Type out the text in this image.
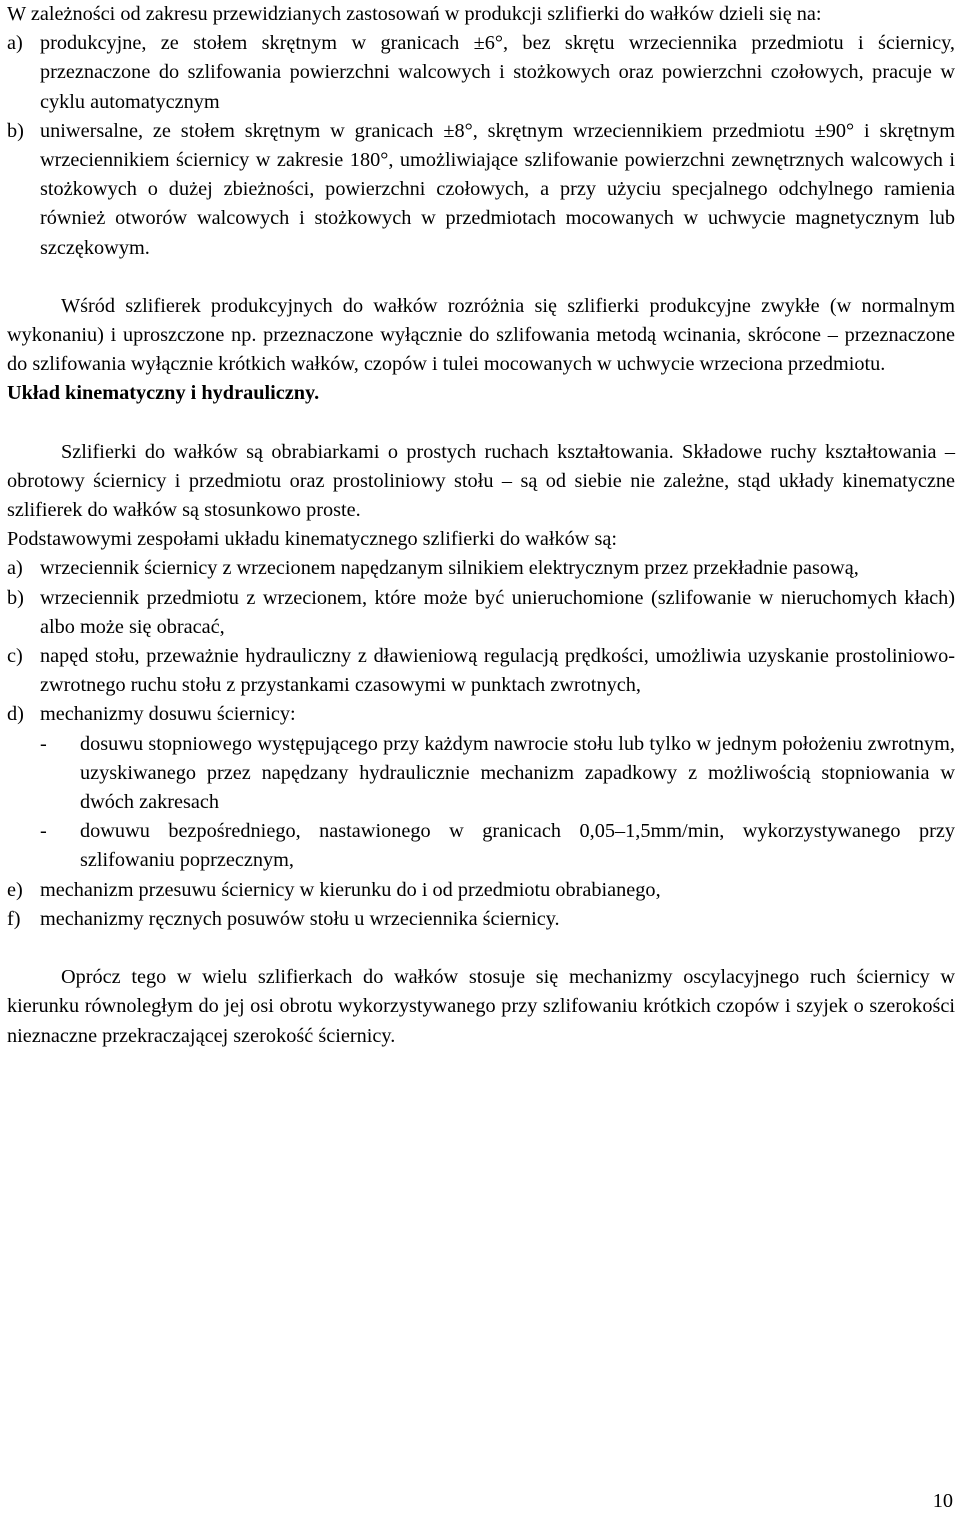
W zależności od zakresu przewidzianych zastosowań w produkcji szlifierki do wałków dzieli się na:

a) produkcyjne, ze stołem skrętnym w granicach ±6°, bez skrętu wrzeciennika przedmiotu i ściernicy, przeznaczone do szlifowania powierzchni walcowych i stożkowych oraz powierzchni czołowych, pracuje w cyklu automatycznym
b) uniwersalne, ze stołem skrętnym w granicach ±8°, skrętnym wrzeciennikiem przedmiotu ±90° i skrętnym wrzeciennikiem ściernicy w zakresie 180°, umożliwiające szlifowanie powierzchni zewnętrznych walcowych i stożkowych o dużej zbieżności, powierzchni czołowych, a przy użyciu specjalnego odchylnego ramienia również otworów walcowych i stożkowych w przedmiotach mocowanych w uchwycie magnetycznym lub szczękowym.

Wśród szlifierek produkcyjnych do wałków rozróżnia się szlifierki produkcyjne zwykłe (w normalnym wykonaniu) i uproszczone np. przeznaczone wyłącznie do szlifowania metodą wcinania, skrócone – przeznaczone do szlifowania wyłącznie krótkich wałków, czopów i tulei mocowanych w uchwycie wrzeciona przedmiotu.

Układ kinematyczny i hydrauliczny.

Szlifierki do wałków są obrabiarkami o prostych ruchach kształtowania. Składowe ruchy kształtowania – obrotowy ściernicy i przedmiotu oraz prostoliniowy stołu – są od siebie nie zależne, stąd układy kinematyczne szlifierek do wałków są stosunkowo proste.

Podstawowymi zespołami układu kinematycznego szlifierki do wałków są:

a) wrzeciennik ściernicy z wrzecionem napędzanym silnikiem elektrycznym przez przekładnie pasową,
b) wrzeciennik przedmiotu z wrzecionem, które może być unieruchomione (szlifowanie w nieruchomych kłach) albo może się obracać,
c) napęd stołu, przeważnie hydrauliczny z dławieniową regulacją prędkości, umożliwia uzyskanie prostoliniowo-zwrotnego ruchu stołu z przystankami czasowymi w punktach zwrotnych,
d) mechanizmy dosuwu ściernicy:
- dosuwu stopniowego występującego przy każdym nawrocie stołu lub tylko w jednym położeniu zwrotnym, uzyskiwanego przez napędzany hydraulicznie mechanizm zapadkowy z możliwością stopniowania w dwóch zakresach
- dowuwu bezpośredniego, nastawionego w granicach 0,05–1,5mm/min, wykorzystywanego przy szlifowaniu poprzecznym,
e) mechanizm przesuwu ściernicy w kierunku do i od przedmiotu obrabianego,
f) mechanizmy ręcznych posuwów stołu u wrzeciennika ściernicy.

Oprócz tego w wielu szlifierkach do wałków stosuje się mechanizmy oscylacyjnego ruch ściernicy w kierunku równoległym do jej osi obrotu wykorzystywanego przy szlifowaniu krótkich czopów i szyjek o szerokości nieznaczne przekraczającej szerokość ściernicy.

10
